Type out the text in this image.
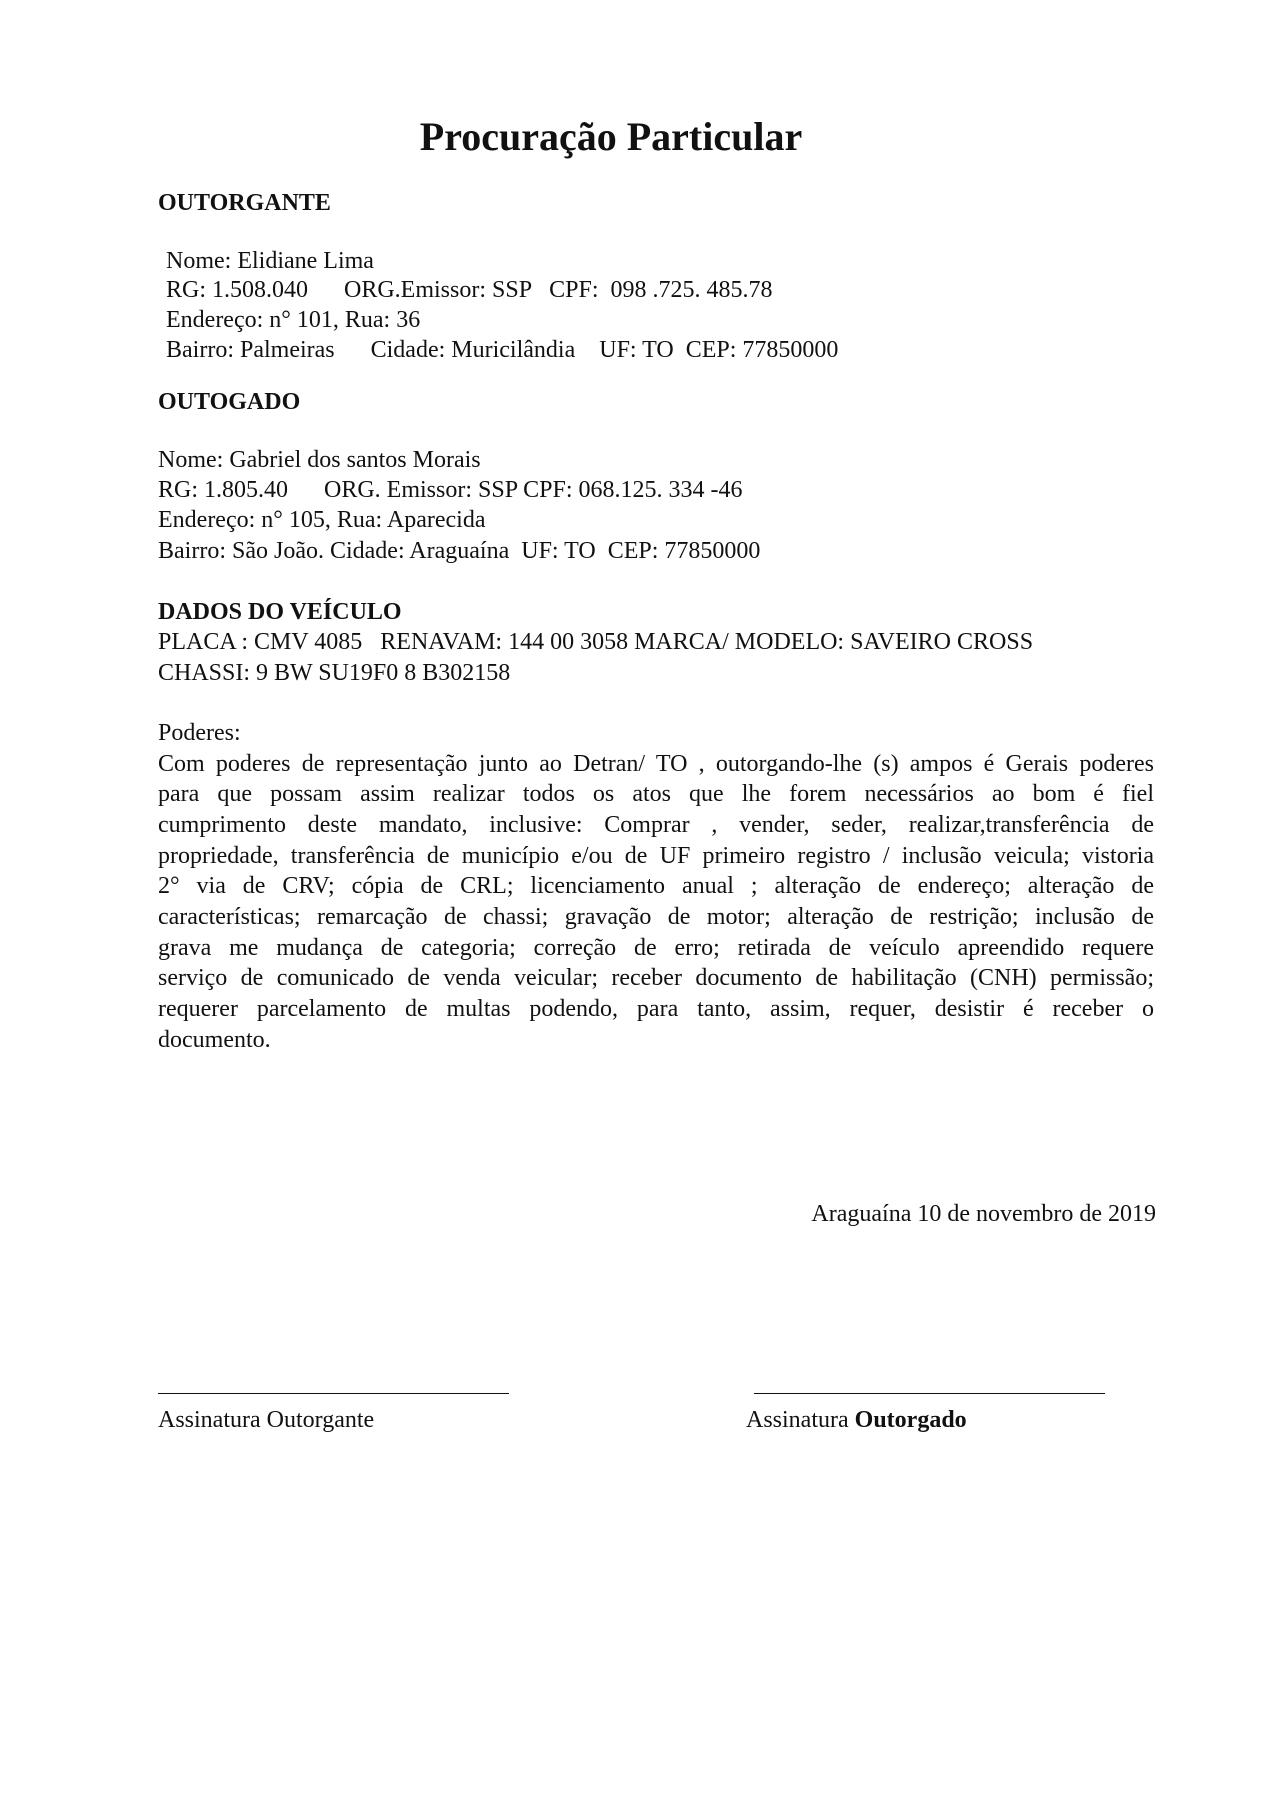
Procuração Particular
OUTORGANTE
Nome: Elidiane Lima
RG: 1.508.040      ORG.Emissor: SSP   CPF:  098 .725. 485.78
Endereço: n° 101, Rua: 36
Bairro: Palmeiras      Cidade: Muricilândia    UF: TO  CEP: 77850000
OUTOGADO
Nome: Gabriel dos santos Morais
RG: 1.805.40      ORG. Emissor: SSP CPF: 068.125. 334 -46
Endereço: n° 105, Rua: Aparecida
Bairro: São João. Cidade: Araguaína  UF: TO  CEP: 77850000
DADOS DO VEÍCULO
PLACA : CMV 4085   RENAVAM: 144 00 3058 MARCA/ MODELO: SAVEIRO CROSS
CHASSI: 9 BW SU19F0 8 B302158
Poderes:
Com poderes de representação junto ao Detran/ TO , outorgando-lhe (s) ampos é Gerais poderes
para que possam assim realizar todos os atos que lhe forem necessários ao bom é fiel
cumprimento deste mandato, inclusive: Comprar , vender, seder, realizar,transferência de
propriedade, transferência de município e/ou de UF primeiro registro / inclusão veicula; vistoria
2° via de CRV; cópia de CRL; licenciamento anual ; alteração de endereço; alteração de
características; remarcação de chassi; gravação de motor; alteração de restrição; inclusão de
grava me mudança de categoria; correção de erro; retirada de veículo apreendido requere
serviço de comunicado de venda veicular; receber documento de habilitação (CNH) permissão;
requerer parcelamento de multas podendo, para tanto, assim, requer, desistir é receber o
documento.
Araguaína 10 de novembro de 2019
Assinatura Outorgante	Assinatura Outorgado
